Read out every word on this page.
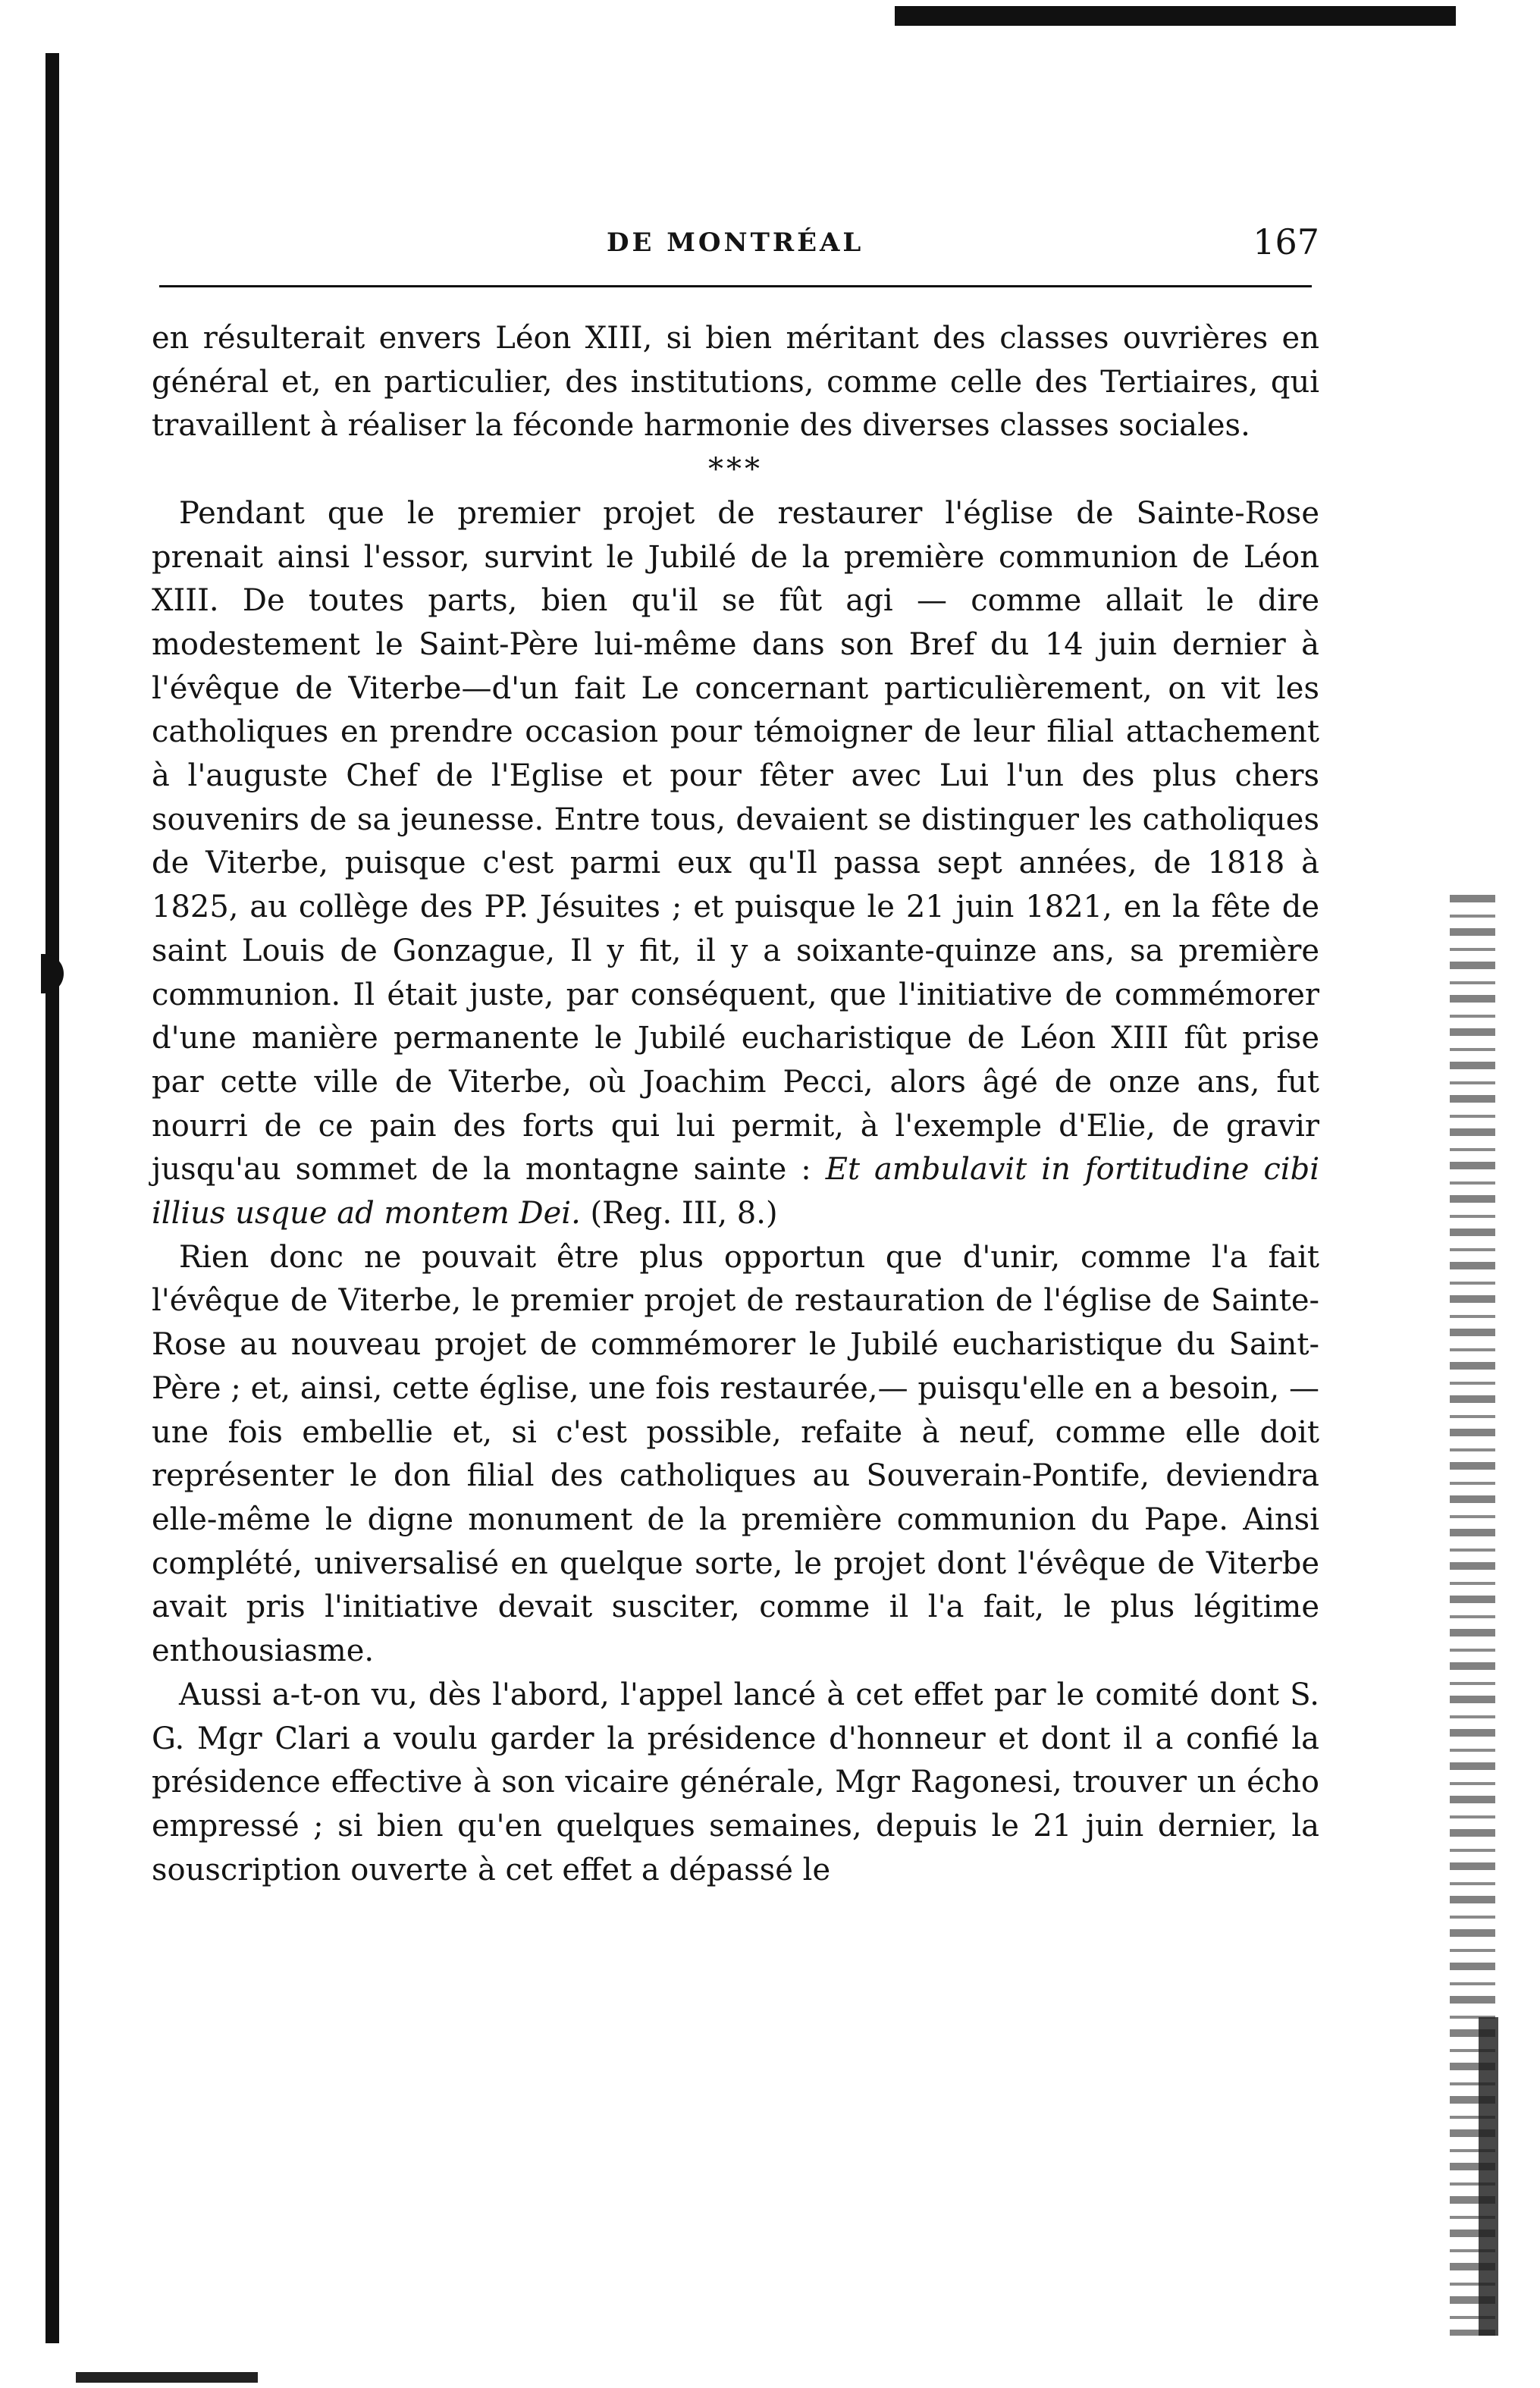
DE MONTRÉAL	167

en résulterait envers Léon XIII, si bien méritant des classes ouvrières en général et, en particulier, des institutions, comme celle des Tertiaires, qui travaillent à réaliser la féconde harmonie des diverses classes sociales.

***

Pendant que le premier projet de restaurer l'église de Sainte-Rose prenait ainsi l'essor, survint le Jubilé de la première communion de Léon XIII. De toutes parts, bien qu'il se fût agi — comme allait le dire modestement le Saint-Père lui-même dans son Bref du 14 juin dernier à l'évêque de Viterbe—d'un fait Le concernant particulièrement, on vit les catholiques en prendre occasion pour témoigner de leur filial attachement à l'auguste Chef de l'Eglise et pour fêter avec Lui l'un des plus chers souvenirs de sa jeunesse. Entre tous, devaient se distinguer les catholiques de Viterbe, puisque c'est parmi eux qu'Il passa sept années, de 1818 à 1825, au collège des PP. Jésuites ; et puisque le 21 juin 1821, en la fête de saint Louis de Gonzague, Il y fit, il y a soixante-quinze ans, sa première communion. Il était juste, par conséquent, que l'initiative de commémorer d'une manière permanente le Jubilé eucharistique de Léon XIII fût prise par cette ville de Viterbe, où Joachim Pecci, alors âgé de onze ans, fut nourri de ce pain des forts qui lui permit, à l'exemple d'Elie, de gravir jusqu'au sommet de la montagne sainte : Et ambulavit in fortitudine cibi illius usque ad montem Dei. (Reg. III, 8.)

Rien donc ne pouvait être plus opportun que d'unir, comme l'a fait l'évêque de Viterbe, le premier projet de restauration de l'église de Sainte-Rose au nouveau projet de commémorer le Jubilé eucharistique du Saint-Père ; et, ainsi, cette église, une fois restaurée,— puisqu'elle en a besoin, — une fois embellie et, si c'est possible, refaite à neuf, comme elle doit représenter le don filial des catholiques au Souverain-Pontife, deviendra elle-même le digne monument de la première communion du Pape. Ainsi complété, universalisé en quelque sorte, le projet dont l'évêque de Viterbe avait pris l'initiative devait susciter, comme il l'a fait, le plus légitime enthousiasme.

Aussi a-t-on vu, dès l'abord, l'appel lancé à cet effet par le comité dont S. G. Mgr Clari a voulu garder la présidence d'honneur et dont il a confié la présidence effective à son vicaire générale, Mgr Ragonesi, trouver un écho empressé ; si bien qu'en quelques semaines, depuis le 21 juin dernier, la souscription ouverte à cet effet a dépassé le
